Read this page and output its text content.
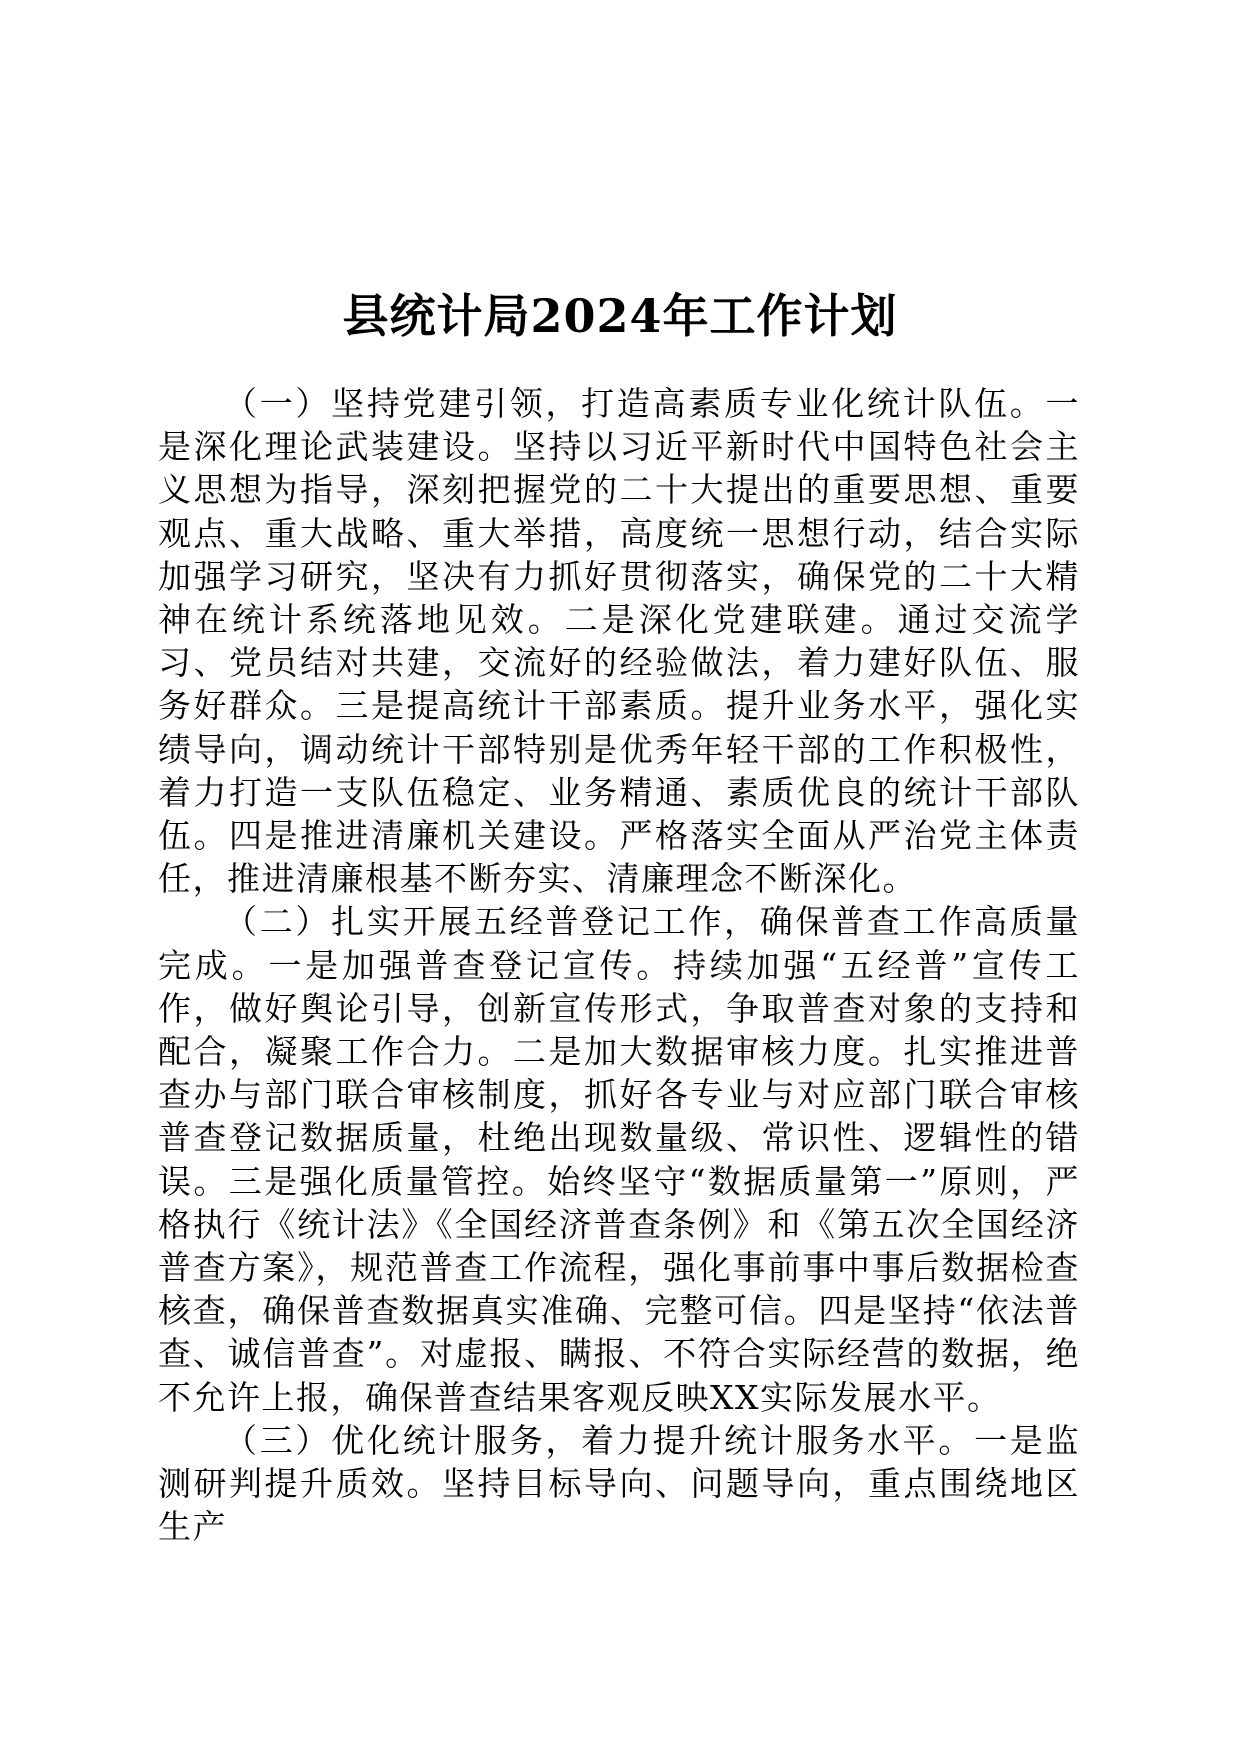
县统计局2024年工作计划

（一）坚持党建引领，打造高素质专业化统计队伍。一是深化理论武装建设。坚持以习近平新时代中国特色社会主义思想为指导，深刻把握党的二十大提出的重要思想、重要观点、重大战略、重大举措，高度统一思想行动，结合实际加强学习研究，坚决有力抓好贯彻落实，确保党的二十大精神在统计系统落地见效。二是深化党建联建。通过交流学习、党员结对共建，交流好的经验做法，着力建好队伍、服务好群众。三是提高统计干部素质。提升业务水平，强化实绩导向，调动统计干部特别是优秀年轻干部的工作积极性，着力打造一支队伍稳定、业务精通、素质优良的统计干部队伍。四是推进清廉机关建设。严格落实全面从严治党主体责任，推进清廉根基不断夯实、清廉理念不断深化。

（二）扎实开展五经普登记工作，确保普查工作高质量完成。一是加强普查登记宣传。持续加强“五经普”宣传工作，做好舆论引导，创新宣传形式，争取普查对象的支持和配合，凝聚工作合力。二是加大数据审核力度。扎实推进普查办与部门联合审核制度，抓好各专业与对应部门联合审核普查登记数据质量，杜绝出现数量级、常识性、逻辑性的错误。三是强化质量管控。始终坚守“数据质量第一”原则，严格执行《统计法》《全国经济普查条例》和《第五次全国经济普查方案》，规范普查工作流程，强化事前事中事后数据检查核查，确保普查数据真实准确、完整可信。四是坚持“依法普查、诚信普查”。对虚报、瞒报、不符合实际经营的数据，绝不允许上报，确保普查结果客观反映XX实际发展水平。

（三）优化统计服务，着力提升统计服务水平。一是监测研判提升质效。坚持目标导向、问题导向，重点围绕地区生产
